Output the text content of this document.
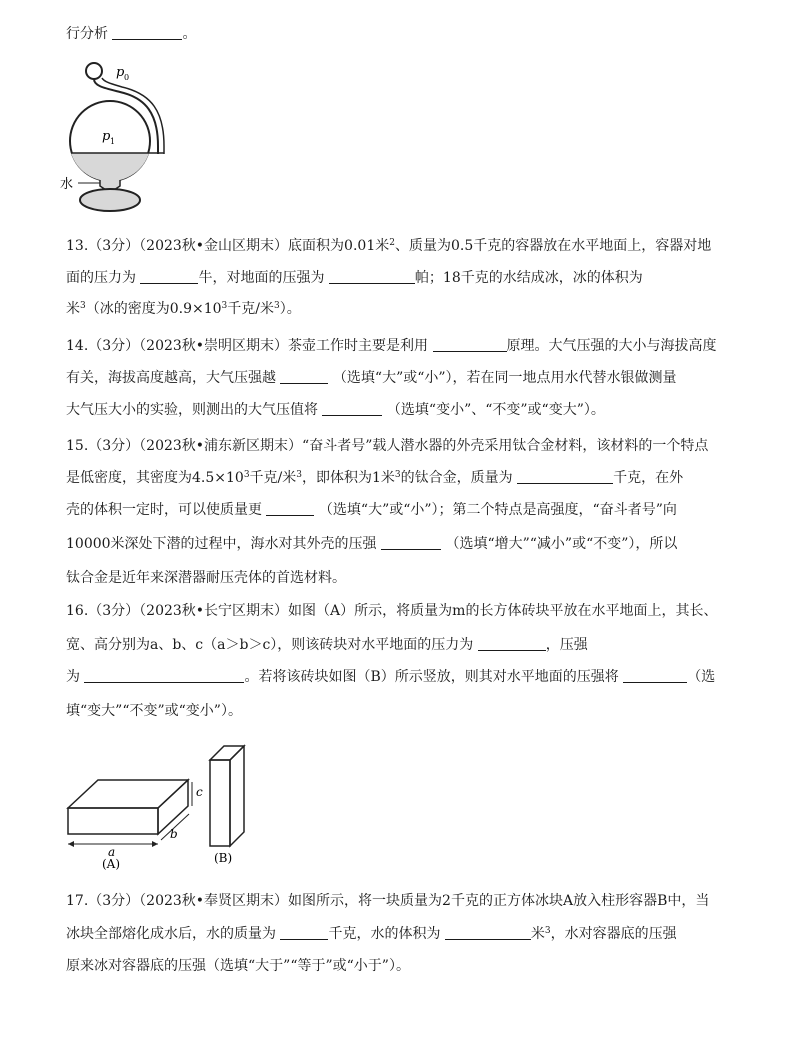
行分析	。
p 0
p 1
水
13.（3分）（2023秋•金山区期末）底面积为0.01米$^2$、质量为0.5千克的容器放在水平地面上，容器对地
面的压力为	牛，对地面的压强为	帕；18千克的水结成冰，冰的体积为
米$^3$（冰的密度为$0.9\times 10^3$千克/米$^3$）。
14.（3分）（2023秋•崇明区期末）茶壶工作时主要是利用	原理。大气压强的大小与海拔高度
有关，海拔高度越高，大气压强越	（选填“大”或“小”），若在同一地点用水代替水银做测量
大气压大小的实验，则测出的大气压值将	（选填“变小”、“不变”或“变大”）。
15.（3分）（2023秋•浦东新区期末）“奋斗者号”载人潜水器的外壳采用钛合金材料，该材料的一个特点
是低密度，其密度为$4.5\times 10^3$千克/米$^3$，即体积为1米$^3$的钛合金，质量为	千克，在外
壳的体积一定时，可以使质量更	（选填“大”或“小”）；第二个特点是高强度，“奋斗者号”向
10000米深处下潜的过程中，海水对其外壳的压强	（选填“增大”“减小”或“不变”），所以
钛合金是近年来深潜器耐压壳体的首选材料。
16.（3分）（2023秋•长宁区期末）如图（A）所示，将质量为m的长方体砖块平放在水平地面上，其长、
宽、高分别为a、b、c（a＞b＞c），则该砖块对水平地面的压力为	，压强
为	。若将该砖块如图（B）所示竖放，则其对水平地面的压强将	（选
填“变大”“不变”或“变小”）。
c
a
b
(A)	(B)
17.（3分）（2023秋•奉贤区期末）如图所示，将一块质量为2千克的正方体冰块A放入柱形容器B中，当
冰块全部熔化成水后，水的质量为	千克，水的体积为	米$^3$，水对容器底的压强
原来冰对容器底的压强（选填“大于”“等于”或“小于”）。
